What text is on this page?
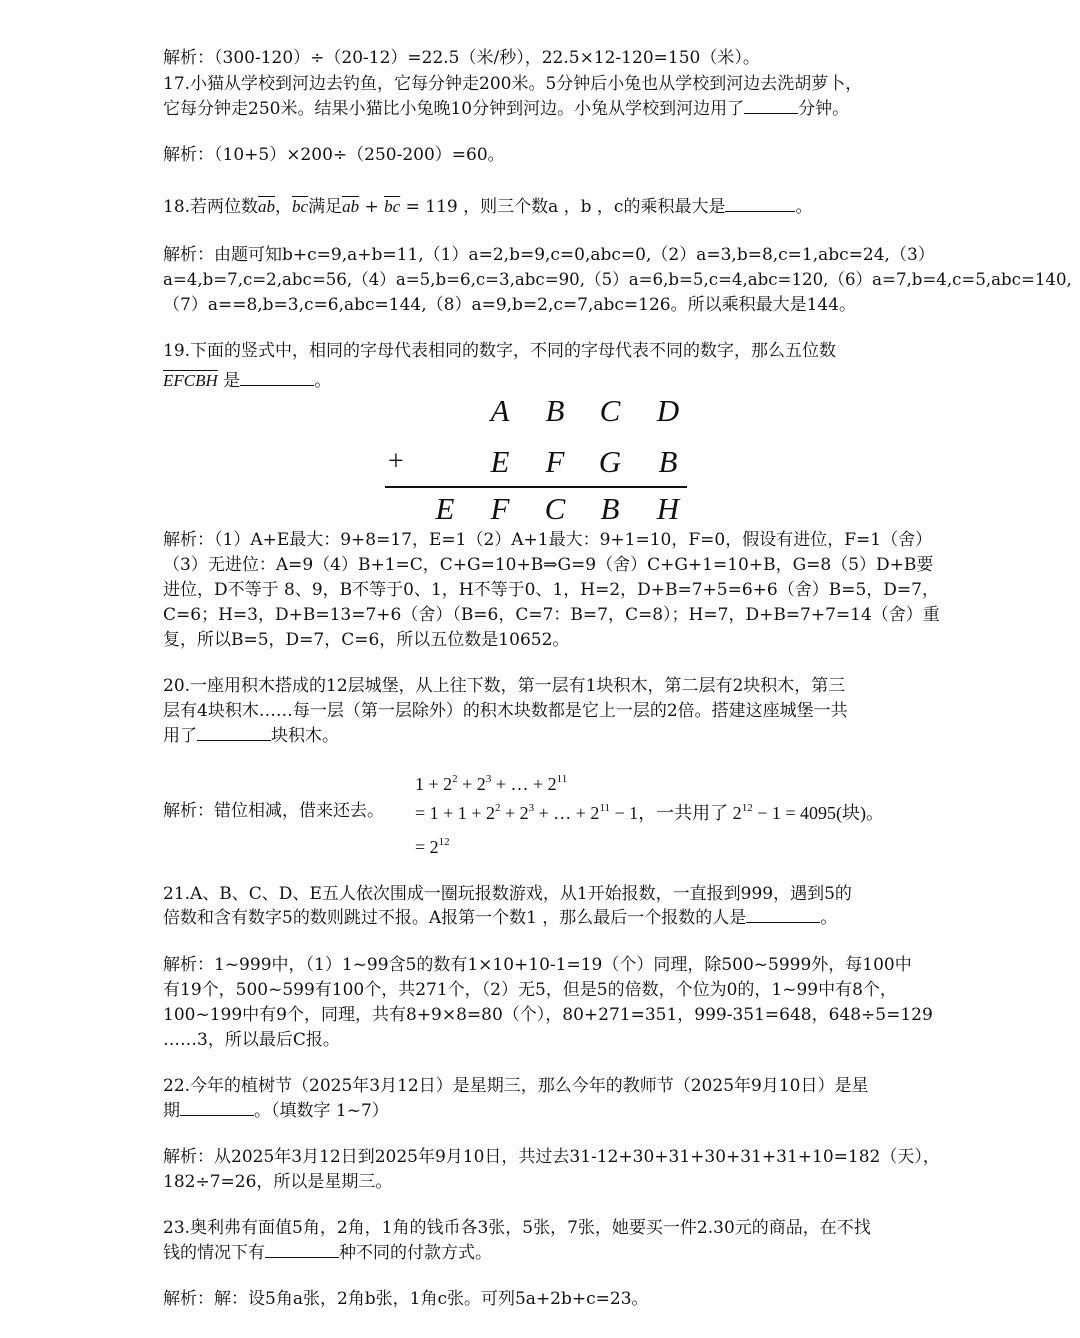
解析：（300-120）÷（20-12）=22.5（米/秒），22.5×12-120=150（米）。
17.小猫从学校到河边去钓鱼，它每分钟走200米。5分钟后小兔也从学校到河边去洗胡萝卜，
它每分钟走250米。结果小猫比小兔晚10分钟到河边。小兔从学校到河边用了	分钟。
解析：（10+5）×200÷（250-200）=60。
18.若两位数$\overline{ab}$，$\overline{bc}$满足$\overline{ab} + \overline{bc} = 119$ ，则三个数a ，b ，c的乘积最大是	。
解析：由题可知b+c=9,a+b=11,（1）a=2,b=9,c=0,abc=0,（2）a=3,b=8,c=1,abc=24,（3）
a=4,b=7,c=2,abc=56,（4）a=5,b=6,c=3,abc=90,（5）a=6,b=5,c=4,abc=120,（6）a=7,b=4,c=5,abc=140,
（7）a==8,b=3,c=6,abc=144,（8）a=9,b=2,c=7,abc=126。所以乘积最大是144。
19.下面的竖式中，相同的字母代表相同的数字，不同的字母代表不同的数字，那么五位数
EFCBH 是	。
A	B	C	D
+	E	F	G	B
E	F	C	B	H
解析：（1）A+E最大：9+8=17，E=1（2）A+1最大：9+1=10，F=0，假设有进位，F=1（舍）
（3）无进位：A=9（4）B+1=C，C+G=10+B⇒G=9（舍）C+G+1=10+B，G=8（5）D+B要
进位，D不等于 8、9，B不等于0、1，H不等于0、1，H=2，D+B=7+5=6+6（舍）B=5，D=7，
C=6；H=3，D+B=13=7+6（舍）（B=6，C=7：B=7，C=8）；H=7，D+B=7+7=14（舍）重
复，所以B=5，D=7，C=6，所以五位数是10652。
20.一座用积木搭成的12层城堡，从上往下数，第一层有1块积木，第二层有2块积木，第三
层有4块积木……每一层（第一层除外）的积木块数都是它上一层的2倍。搭建这座城堡一共
用了	块积木。
解析：错位相减，借来还去。
$1 + 2^2 + 2^3$ + … + $2^{11}$
= $1 + 1 + 2^2 + 2^3$ + … + $2^{11} - 1$，一共用了 $2^{12} - 1 = 4095$(块)。
= $2^{12}$
21.A、B、C、D、E五人依次围成一圈玩报数游戏，从1开始报数，一直报到999，遇到5的
倍数和含有数字5的数则跳过不报。A报第一个数1 ，那么最后一个报数的人是	。
解析：1~999中，（1）1~99含5的数有1×10+10-1=19（个）同理，除500~5999外，每100中
有19个，500~599有100个，共271个，（2）无5，但是5的倍数，个位为0的，1~99中有8个，
100~199中有9个，同理，共有8+9×8=80（个），80+271=351，999-351=648，648÷5=129
……3，所以最后C报。
22.今年的植树节（2025年3月12日）是星期三，那么今年的教师节（2025年9月10日）是星
期	。（填数字 1~7）
解析：从2025年3月12日到2025年9月10日，共过去31-12+30+31+30+31+31+10=182（天），
182÷7=26，所以是星期三。
23.奥利弗有面值5角，2角，1角的钱币各3张，5张，7张，她要买一件2.30元的商品，在不找
钱的情况下有	种不同的付款方式。
解析：解：设5角a张，2角b张，1角c张。可列5a+2b+c=23。
